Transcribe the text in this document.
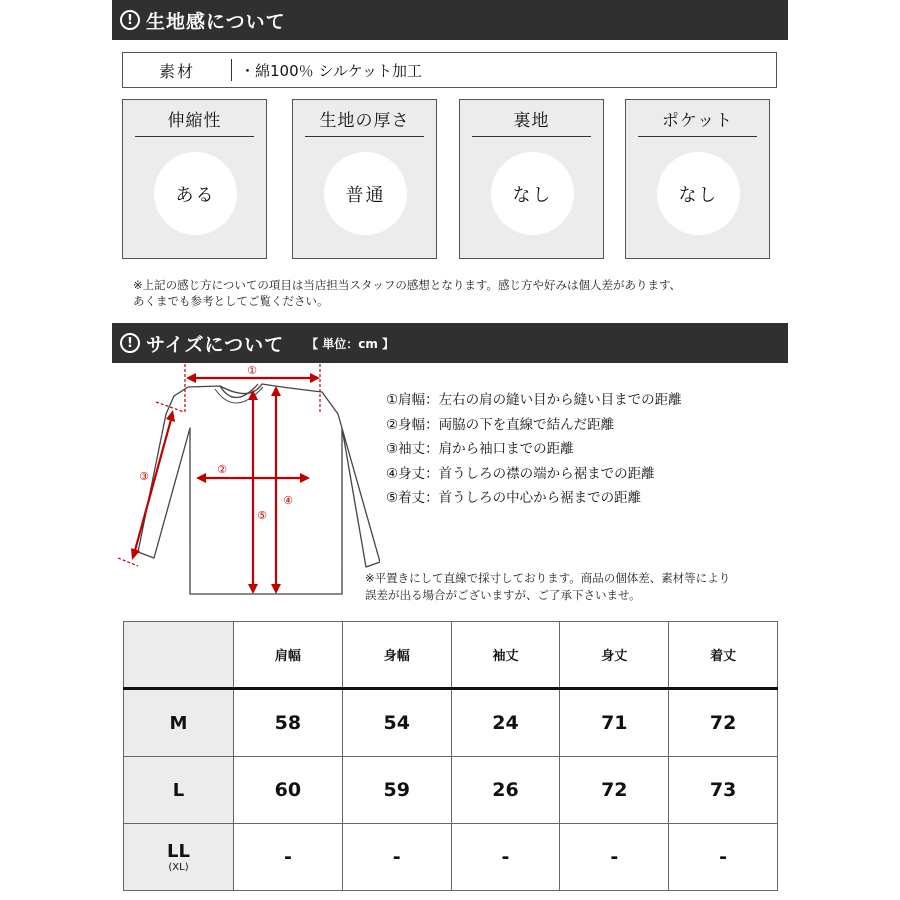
! 生地感について
素材	・綿100％ シルケット加工
伸縮性
ある
生地の厚さ
普通
裏地
なし
ポケット
なし
※上記の感じ方についての項目は当店担当スタッフの感想となります。感じ方や好みは個人差があります、
あくまでも参考としてご覧ください。
! サイズについて 【 単位：cm 】
①
②
③
④
⑤
①肩幅：左右の肩の縫い目から縫い目までの距離
②身幅：両脇の下を直線で結んだ距離
③袖丈：肩から袖口までの距離
④身丈：首うしろの襟の端から裾までの距離
⑤着丈：首うしろの中心から裾までの距離
※平置きにして直線で採寸しております。商品の個体差、素材等により
誤差が出る場合がございますが、ご了承下さいませ。
	肩幅	身幅	袖丈	身丈	着丈
M	58	54	24	71	72
L	60	59	26	72	73
LL
(XL)	-	-	-	-	-
